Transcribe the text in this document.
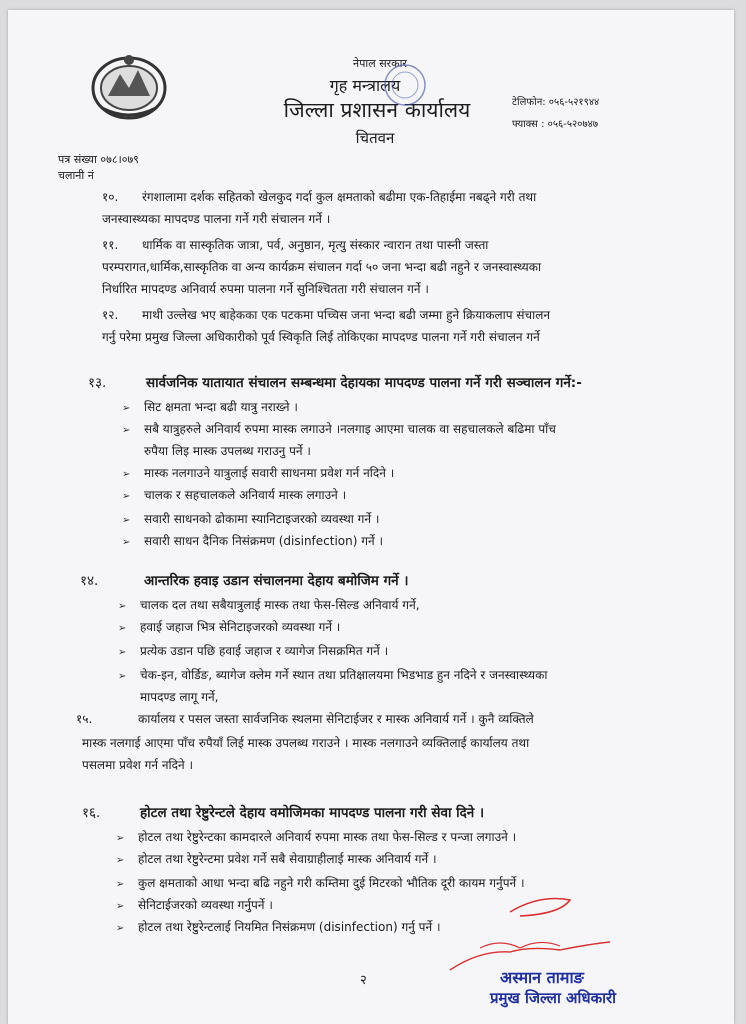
नेपाल सरकार
गृह मन्त्रालय
जिल्ला प्रशासन कार्यालय
चितवन
टेलिफोन: ०५६-५२१९४४
फ्याक्स : ०५६-५२०७४७
पत्र संख्या ०७८।०७९
चलानी नं
१०. रंगशालामा दर्शक सहितको खेलकुद गर्दा कुल क्षमताको बढीमा एक-तिहाईमा नबढ्ने गरी तथा
जनस्वास्थ्यका मापदण्ड पालना गर्ने गरी संचालन गर्ने ।
११. धार्मिक वा सास्कृतिक जात्रा, पर्व, अनुष्ठान, मृत्यु संस्कार न्वारान तथा पास्नी जस्ता
परम्परागत,धार्मिक,सास्कृतिक वा अन्य कार्यक्रम संचालन गर्दा ५० जना भन्दा बढी नहुने र जनस्वास्थ्यका
निर्धारित मापदण्ड अनिवार्य रुपमा पालना गर्ने सुनिश्चितता गरी संचालन गर्ने ।
१२. माथी उल्लेख भए बाहेकका एक पटकमा पच्चिस जना भन्दा बढी जम्मा हुने क्रियाकलाप संचालन
गर्नु परेमा प्रमुख जिल्ला अधिकारीको पूर्व स्विकृति लिई तोकिएका मापदण्ड पालना गर्ने गरी संचालन गर्ने
१३.	सार्वजनिक यातायात संचालन सम्बन्धमा देहायका मापदण्ड पालना गर्ने गरी सञ्चालन गर्ने:-
➢ सिट क्षमता भन्दा बढी यात्रु नराख्ने ।
➢ सबै यात्रुहरुले अनिवार्य रुपमा मास्क लगाउने ।नलगाइ आएमा चालक वा सहचालकले बढिमा पाँच
रुपैया लिइ मास्क उपलब्ध गराउनु पर्ने ।
➢ मास्क नलगाउने यात्रुलाई सवारी साधनमा प्रवेश गर्न नदिने ।
➢ चालक र सहचालकले अनिवार्य मास्क लगाउने ।
➢ सवारी साधनको ढोकामा स्यानिटाइजरको व्यवस्था गर्ने ।
➢ सवारी साधन दैनिक निसंक्रमण (disinfection) गर्ने ।
१४.	आन्तरिक हवाइ उडान संचालनमा देहाय बमोजिम गर्ने ।
➢ चालक दल तथा सबैयात्रुलाई मास्क तथा फेस-सिल्ड अनिवार्य गर्ने,
➢ हवाई जहाज भित्र सेनिटाइजरको व्यवस्था गर्ने ।
➢ प्रत्येक उडान पछि हवाई जहाज र व्यागेज निसक्रमित गर्ने ।
➢ चेक-इन, वोर्डिङ, ब्यागेज क्लेम गर्ने स्थान तथा प्रतिक्षालयमा भिडभाड हुन नदिने र जनस्वास्थ्यका
मापदण्ड लागू गर्ने,
१५.	कार्यालय र पसल जस्ता सार्वजनिक स्थलमा सेनिटाईजर र मास्क अनिवार्य गर्ने । कुनै व्यक्तिले
मास्क नलगाई आएमा पाँच रुपैयाँ लिई मास्क उपलब्ध गराउने । मास्क नलगाउने व्यक्तिलाई कार्यालय तथा
पसलमा प्रवेश गर्न नदिने ।
१६.	होटल तथा रेष्टुरेन्टले देहाय वमोजिमका मापदण्ड पालना गरी सेवा दिने ।
➢ होटल तथा रेष्टुरेन्टका कामदारले अनिवार्य रुपमा मास्क तथा फेस-सिल्ड र पन्जा लगाउने ।
➢ होटल तथा रेष्टुरेन्टमा प्रवेश गर्ने सबै सेवाग्राहीलाई मास्क अनिवार्य गर्ने ।
➢ कुल क्षमताको आधा भन्दा बढि नहुने गरी कम्तिमा दुई मिटरको भौतिक दूरी कायम गर्नुपर्ने ।
➢ सेनिटाईजरको व्यवस्था गर्नुपर्ने ।
➢ होटल तथा रेष्टुरेन्टलाई नियमित निसंक्रमण (disinfection) गर्नु पर्ने ।
२	अस्मान तामाङ
प्रमुख जिल्ला अधिकारी
